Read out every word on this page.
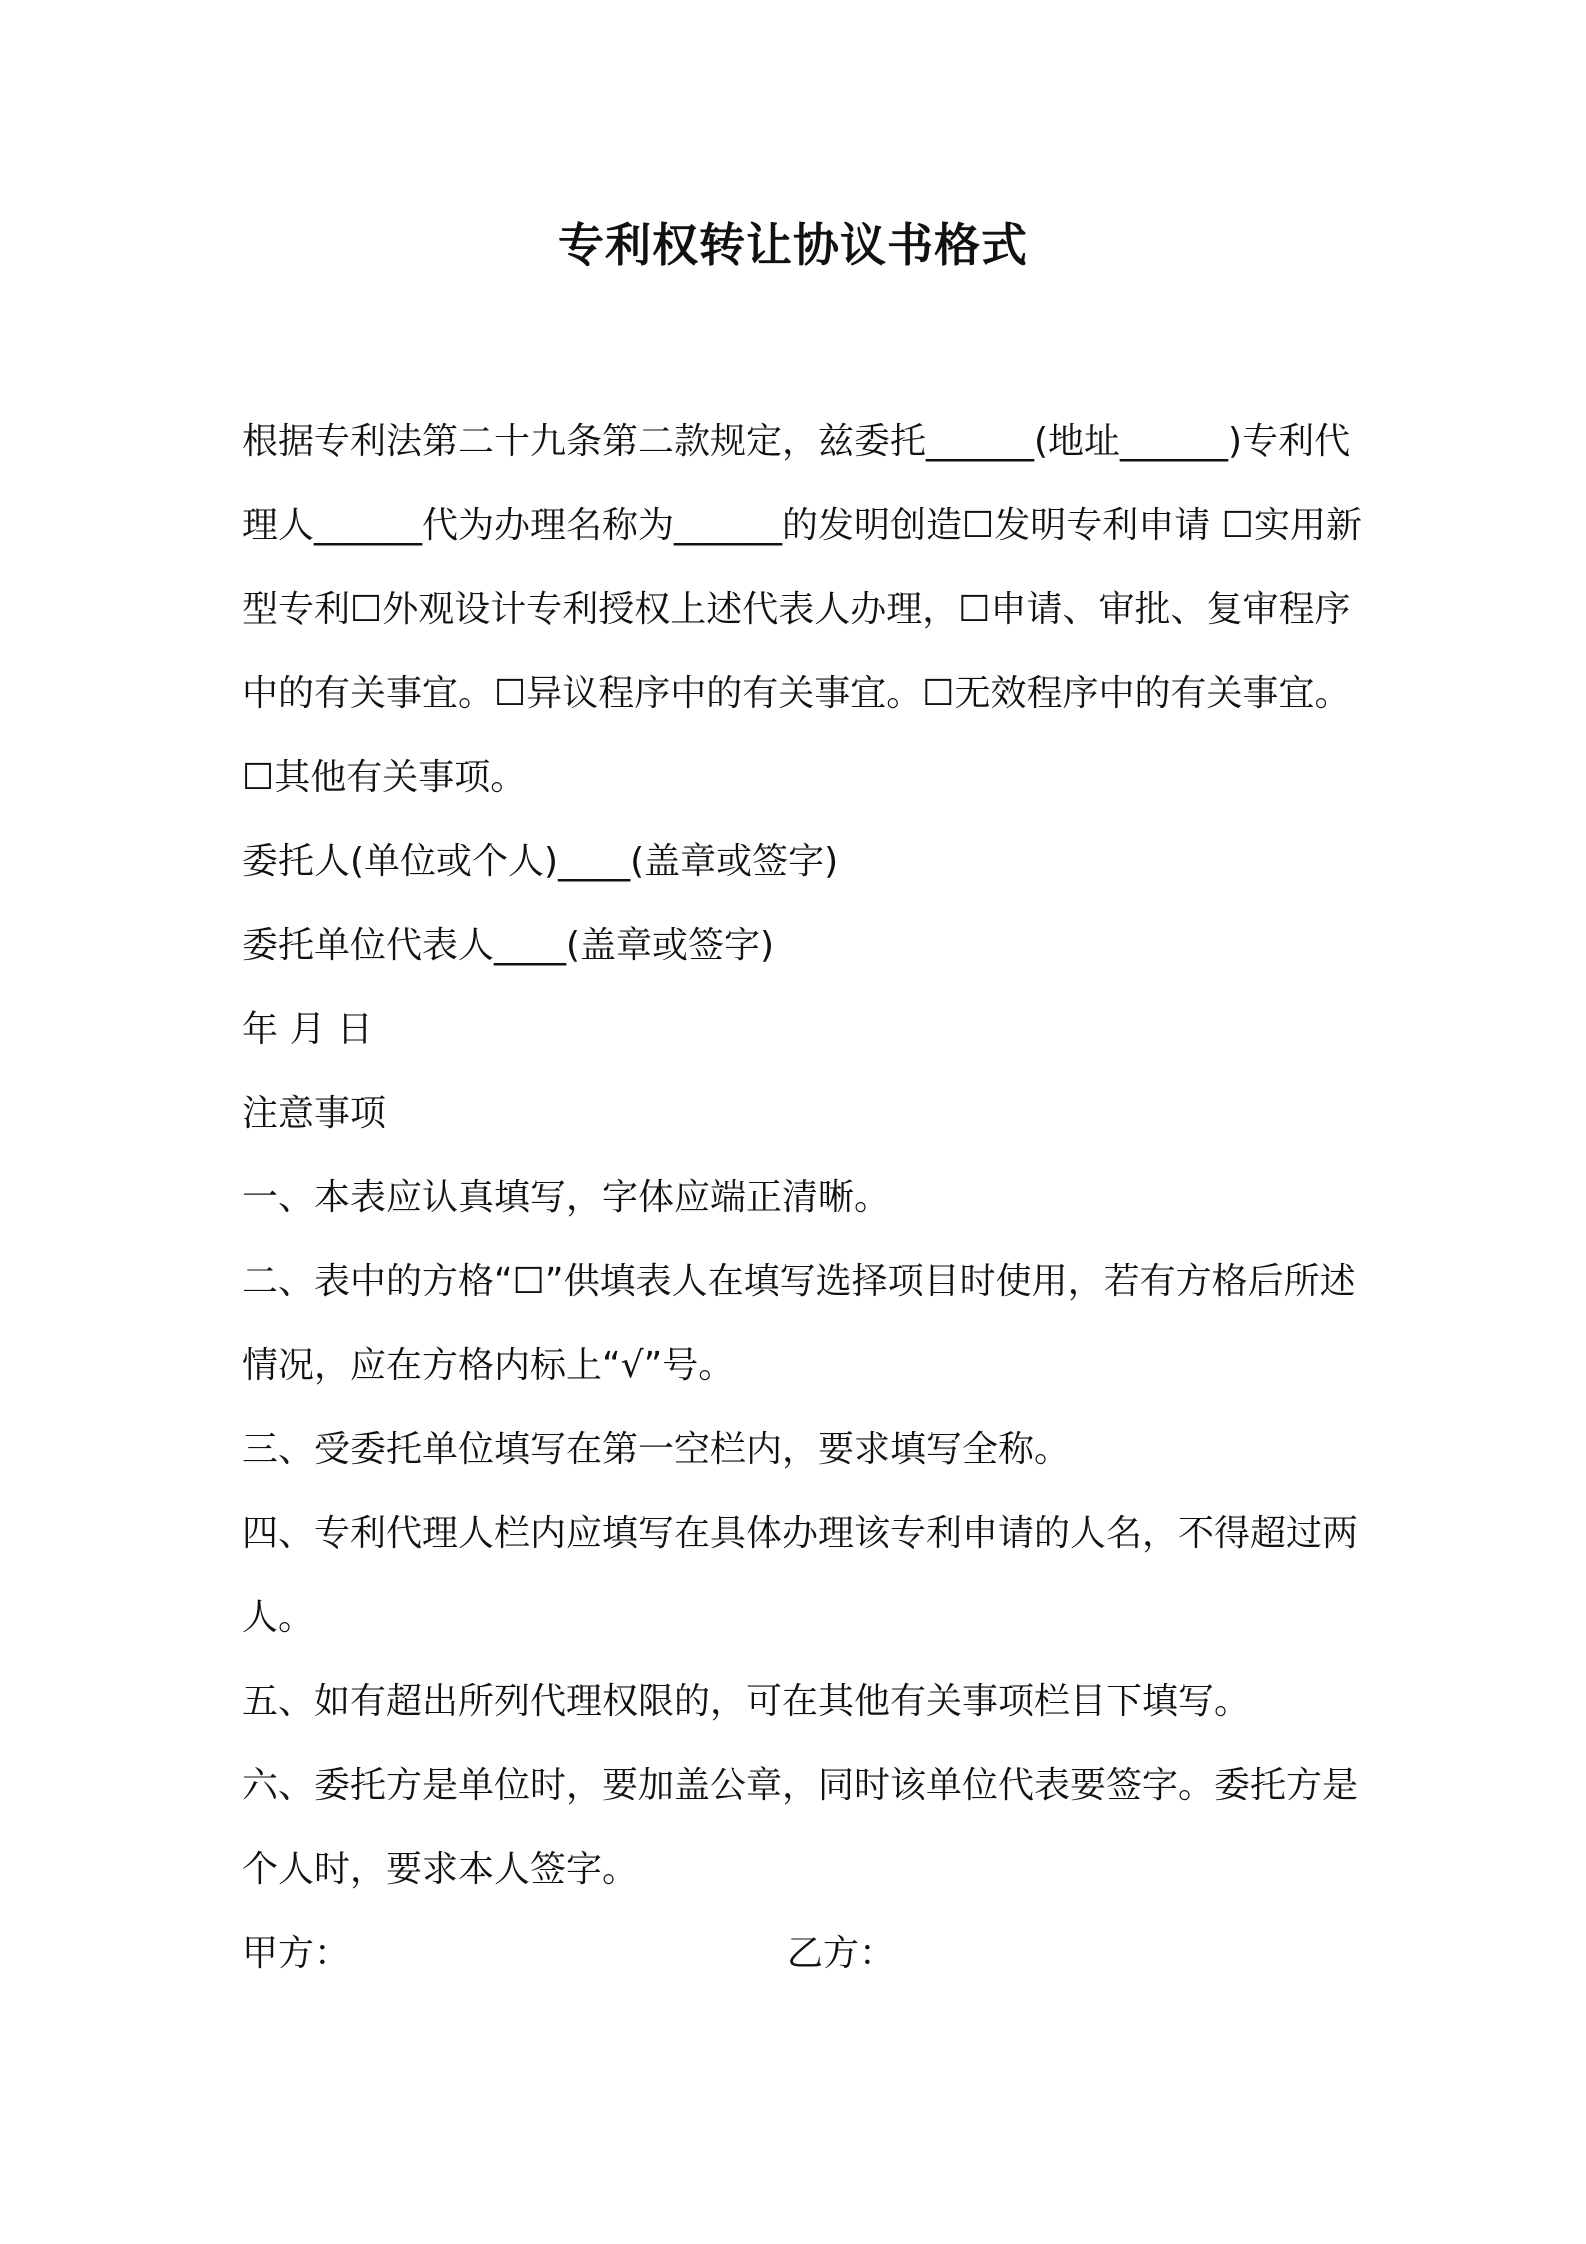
专利权转让协议书格式

根据专利法第二十九条第二款规定，兹委托______(地址______)专利代理人______代为办理名称为______的发明创造☐发明专利申请 ☐实用新型专利☐外观设计专利授权上述代表人办理，☐申请、审批、复审程序中的有关事宜。☐异议程序中的有关事宜。☐无效程序中的有关事宜。☐其他有关事项。

委托人(单位或个人)____(盖章或签字)

委托单位代表人____(盖章或签字)

年 月 日

注意事项

一、本表应认真填写，字体应端正清晰。

二、表中的方格“☐”供填表人在填写选择项目时使用，若有方格后所述情况，应在方格内标上“√”号。

三、受委托单位填写在第一空栏内，要求填写全称。

四、专利代理人栏内应填写在具体办理该专利申请的人名，不得超过两人。

五、如有超出所列代理权限的，可在其他有关事项栏目下填写。

六、委托方是单位时，要加盖公章，同时该单位代表要签字。委托方是个人时，要求本人签字。

甲方：	乙方：
